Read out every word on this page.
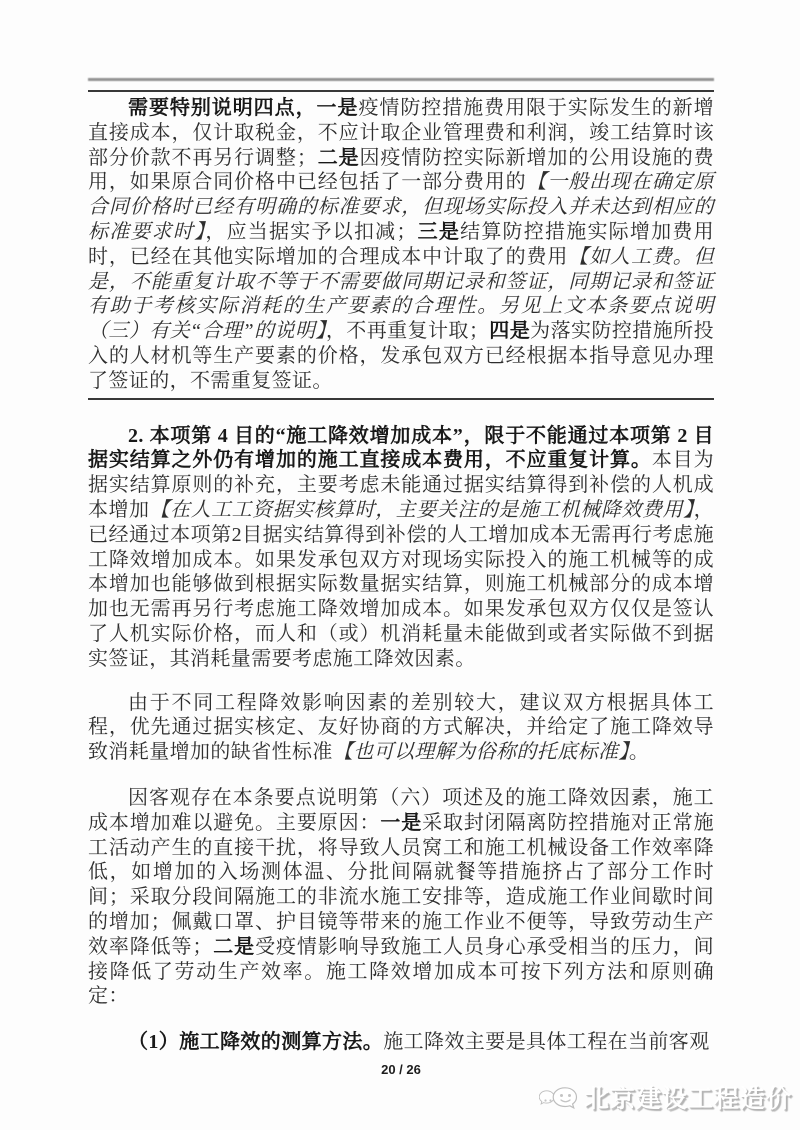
需要特别说明四点，一是疫情防控措施费用限于实际发生的新增直接成本，仅计取税金，不应计取企业管理费和利润，竣工结算时该部分价款不再另行调整；二是因疫情防控实际新增加的公用设施的费用，如果原合同价格中已经包括了一部分费用的【一般出现在确定原合同价格时已经有明确的标准要求，但现场实际投入并未达到相应的标准要求时】，应当据实予以扣减；三是结算防控措施实际增加费用时，已经在其他实际增加的合理成本中计取了的费用【如人工费。但是，不能重复计取不等于不需要做同期记录和签证，同期记录和签证有助于考核实际消耗的生产要素的合理性。另见上文本条要点说明（三）有关“合理”的说明】，不再重复计取；四是为落实防控措施所投入的人材机等生产要素的价格，发承包双方已经根据本指导意见办理了签证的，不需重复签证。

2. 本项第 4 目的“施工降效增加成本”，限于不能通过本项第 2 目据实结算之外仍有增加的施工直接成本费用，不应重复计算。本目为据实结算原则的补充，主要考虑未能通过据实结算得到补偿的人机成本增加【在人工工资据实核算时，主要关注的是施工机械降效费用】，已经通过本项第2目据实结算得到补偿的人工增加成本无需再行考虑施工降效增加成本。如果发承包双方对现场实际投入的施工机械等的成本增加也能够做到根据实际数量据实结算，则施工机械部分的成本增加也无需再另行考虑施工降效增加成本。如果发承包双方仅仅是签认了人机实际价格，而人和（或）机消耗量未能做到或者实际做不到据实签证，其消耗量需要考虑施工降效因素。

由于不同工程降效影响因素的差别较大，建议双方根据具体工程，优先通过据实核定、友好协商的方式解决，并给定了施工降效导致消耗量增加的缺省性标准【也可以理解为俗称的托底标准】。

因客观存在本条要点说明第（六）项述及的施工降效因素，施工成本增加难以避免。主要原因：一是采取封闭隔离防控措施对正常施工活动产生的直接干扰，将导致人员窝工和施工机械设备工作效率降低，如增加的入场测体温、分批间隔就餐等措施挤占了部分工作时间；采取分段间隔施工的非流水施工安排等，造成施工作业间歇时间的增加；佩戴口罩、护目镜等带来的施工作业不便等，导致劳动生产效率降低等；二是受疫情影响导致施工人员身心承受相当的压力，间接降低了劳动生产效率。施工降效增加成本可按下列方法和原则确定：

（1）施工降效的测算方法。施工降效主要是具体工程在当前客观

20 / 26
北京建设工程造价
